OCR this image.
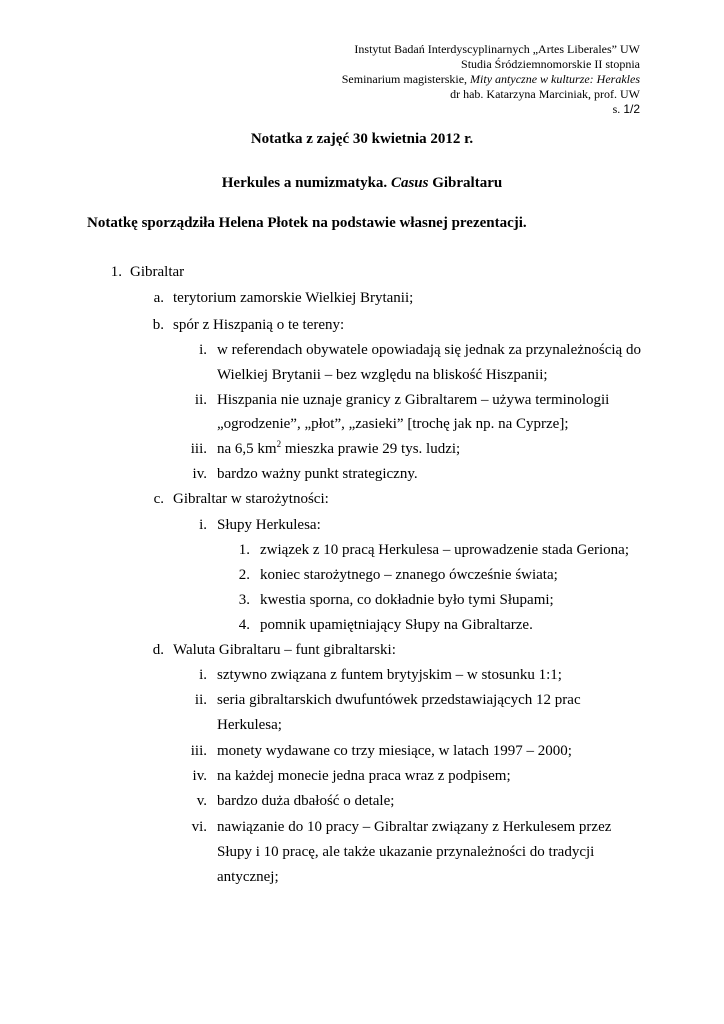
Instytut Badań Interdyscyplinarnych „Artes Liberales” UW
Studia Śródziemnomorskie II stopnia
Seminarium magisterskie, Mity antyczne w kulturze: Herakles
dr hab. Katarzyna Marciniak, prof. UW
s. 1/2
Notatka z zajęć 30 kwietnia 2012 r.
Herkules a numizmatyka. Casus Gibraltaru
Notatkę sporządziła Helena Płotek na podstawie własnej prezentacji.
1. Gibraltar
a. terytorium zamorskie Wielkiej Brytanii;
b. spór z Hiszpanią o te tereny:
i. w referendach obywatele opowiadają się jednak za przynależnością do
Wielkiej Brytanii – bez względu na bliskość Hiszpanii;
ii. Hiszpania nie uznaje granicy z Gibraltarem – używa terminologii
„ogrodzenie”, „płot”, „zasieki” [trochę jak np. na Cyprze];
iii. na 6,5 $km^2$ mieszka prawie 29 tys. ludzi;
iv. bardzo ważny punkt strategiczny.
c. Gibraltar w starożytności:
i. Słupy Herkulesa:
1. związek z 10 pracą Herkulesa – uprowadzenie stada Geriona;
2. koniec starożytnego – znanego ówcześnie świata;
3. kwestia sporna, co dokładnie było tymi Słupami;
4. pomnik upamiętniający Słupy na Gibraltarze.
d. Waluta Gibraltaru – funt gibraltarski:
i. sztywno związana z funtem brytyjskim – w stosunku 1:1;
ii. seria gibraltarskich dwufuntówek przedstawiających 12 prac
Herkulesa;
iii. monety wydawane co trzy miesiące, w latach 1997 – 2000;
iv. na każdej monecie jedna praca wraz z podpisem;
v. bardzo duża dbałość o detale;
vi. nawiązanie do 10 pracy – Gibraltar związany z Herkulesem przez
Słupy i 10 pracę, ale także ukazanie przynależności do tradycji
antycznej;
